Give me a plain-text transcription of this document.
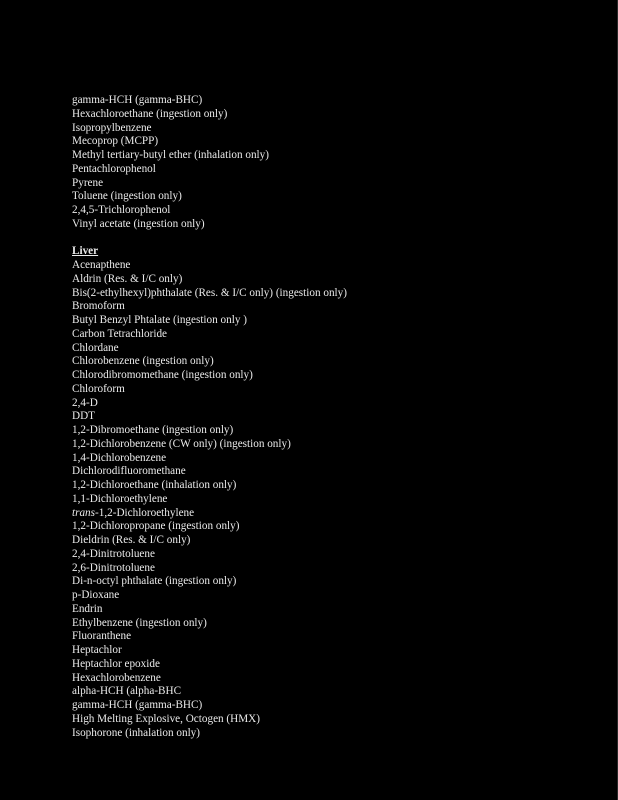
gamma-HCH (gamma-BHC)
Hexachloroethane (ingestion only)
Isopropylbenzene
Mecoprop (MCPP)
Methyl tertiary-butyl ether (inhalation only)
Pentachlorophenol
Pyrene
Toluene (ingestion only)
2,4,5-Trichlorophenol
Vinyl acetate (ingestion only)
Liver
Acenapthene
Aldrin (Res. & I/C only)
Bis(2-ethylhexyl)phthalate (Res. & I/C only) (ingestion only)
Bromoform
Butyl Benzyl Phtalate (ingestion only )
Carbon Tetrachloride
Chlordane
Chlorobenzene (ingestion only)
Chlorodibromomethane (ingestion only)
Chloroform
2,4-D
DDT
1,2-Dibromoethane (ingestion only)
1,2-Dichlorobenzene (CW only) (ingestion only)
1,4-Dichlorobenzene
Dichlorodifluoromethane
1,2-Dichloroethane (inhalation only)
1,1-Dichloroethylene
trans-1,2-Dichloroethylene
1,2-Dichloropropane (ingestion only)
Dieldrin (Res. & I/C only)
2,4-Dinitrotoluene
2,6-Dinitrotoluene
Di-n-octyl phthalate (ingestion only)
p-Dioxane
Endrin
Ethylbenzene (ingestion only)
Fluoranthene
Heptachlor
Heptachlor epoxide
Hexachlorobenzene
alpha-HCH (alpha-BHC
gamma-HCH (gamma-BHC)
High Melting Explosive, Octogen (HMX)
Isophorone (inhalation only)
